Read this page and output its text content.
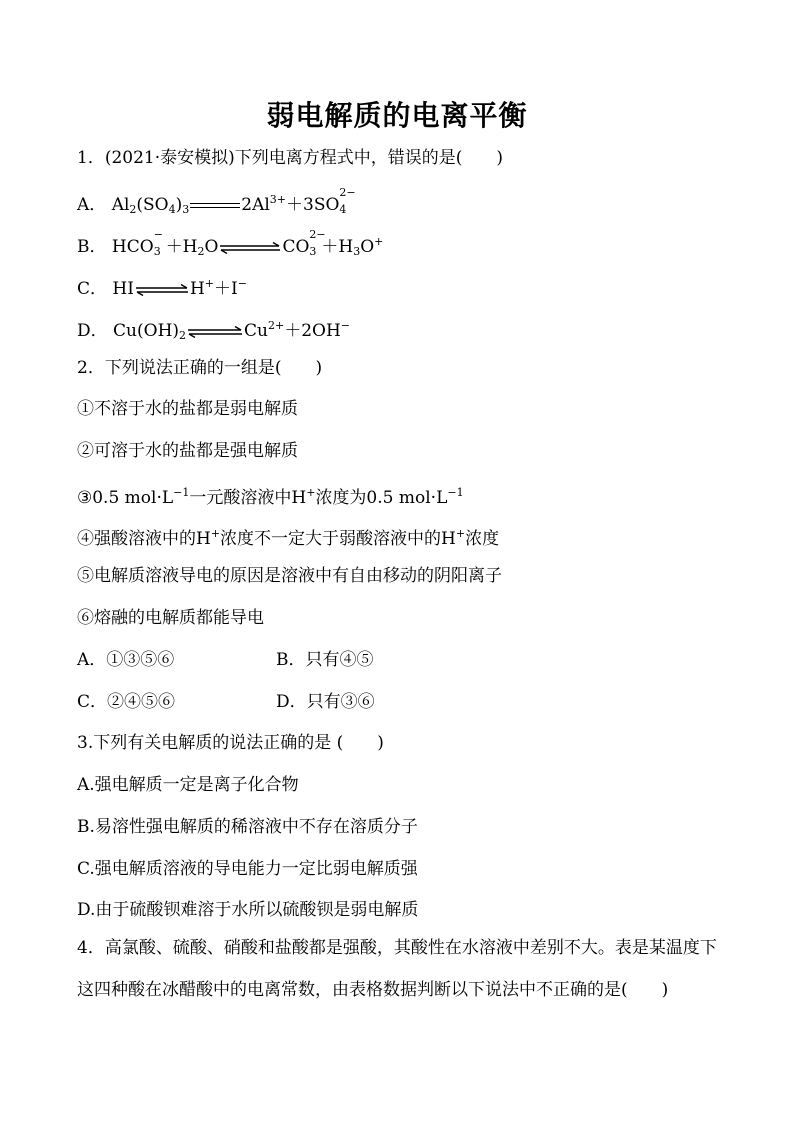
弱电解质的电离平衡
1．(2021·泰安模拟)下列电离方程式中，错误的是(　　)
A． $Al_2(SO_4)_3$	$2Al^{3+}+3SO$
2−
4
B． HCO
−
$3 +H_2O\rightleftharpoons CO$
2−
$3 +H_3O^+$
C． HI⇌H+＋I−
D． $Cu(OH)_2\rightleftharpoons Cu^{2+}+2OH^-$
2．下列说法正确的一组是(　　)
①不溶于水的盐都是弱电解质
②可溶于水的盐都是强电解质
③0.5 $mol\cdot L^{-1}$一元酸溶液中H+浓度为0.5 $mol\cdot L^{-1}$
④强酸溶液中的H+浓度不一定大于弱酸溶液中的H+浓度
⑤电解质溶液导电的原因是溶液中有自由移动的阴阳离子
⑥熔融的电解质都能导电
A．①③⑤⑥	B．只有④⑤
C．②④⑤⑥	D．只有③⑥
3.下列有关电解质的说法正确的是 (　　)
A.强电解质一定是离子化合物
B.易溶性强电解质的稀溶液中不存在溶质分子
C.强电解质溶液的导电能力一定比弱电解质强
D.由于硫酸钡难溶于水所以硫酸钡是弱电解质
4．高氯酸、硫酸、硝酸和盐酸都是强酸，其酸性在水溶液中差别不大。表是某温度下这四种酸在冰醋酸中的电离常数，由表格数据判断以下说法中不正确的是(　　)
